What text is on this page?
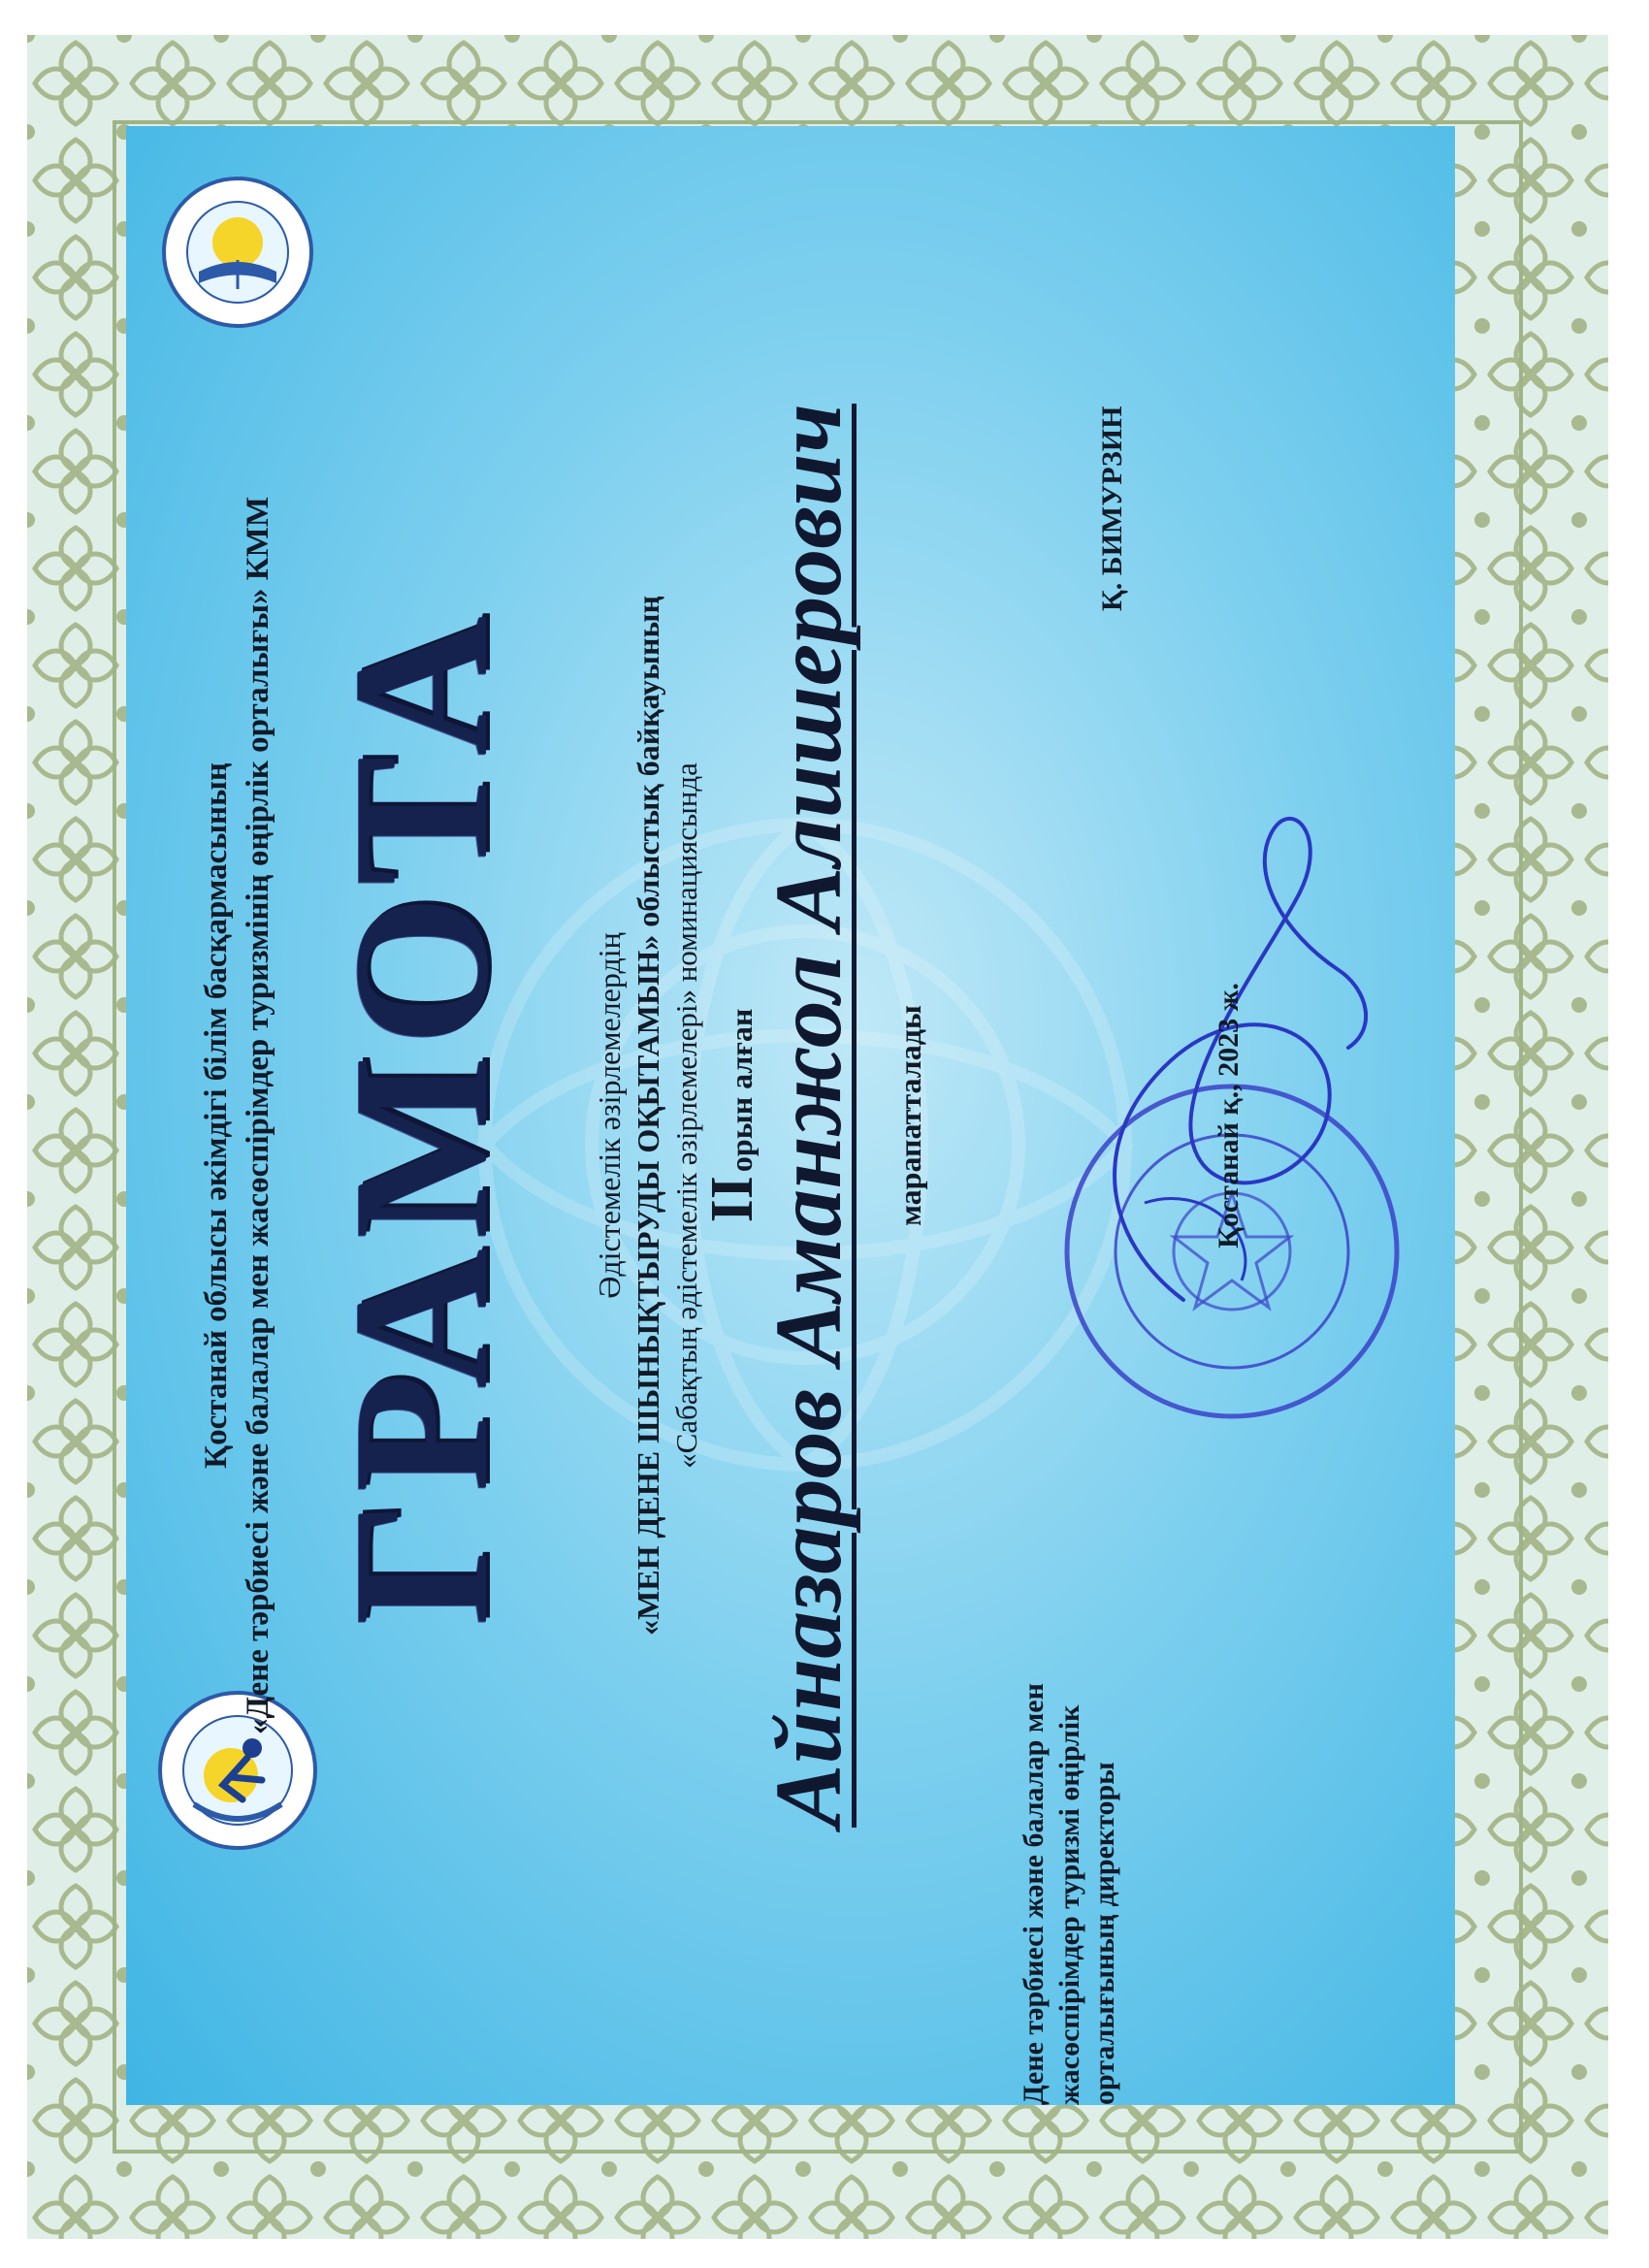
Қостанай облысы әкімдігі білім басқармасының «Дене тәрбиесі және балалар мен жасөспірімдер туризмінің өңірлік орталығы» КММ ГРАМОТА Әдістемелік әзірлемелердің «МЕН ДЕНЕ ШЫНЫҚТЫРУДЫ ОҚЫТАМЫН» облыстық байқауының «Сабақтың әдістемелік әзірлемелері» номинациясында
II орын алған
Айназаров Аманжол Алишерович марапатталады
Дене тәрбиесі және балалар мен жасөспірімдер туризмі өңірлік орталығының директоры
Қ. БИМУРЗИН
Қостанай қ., 2023 ж.
